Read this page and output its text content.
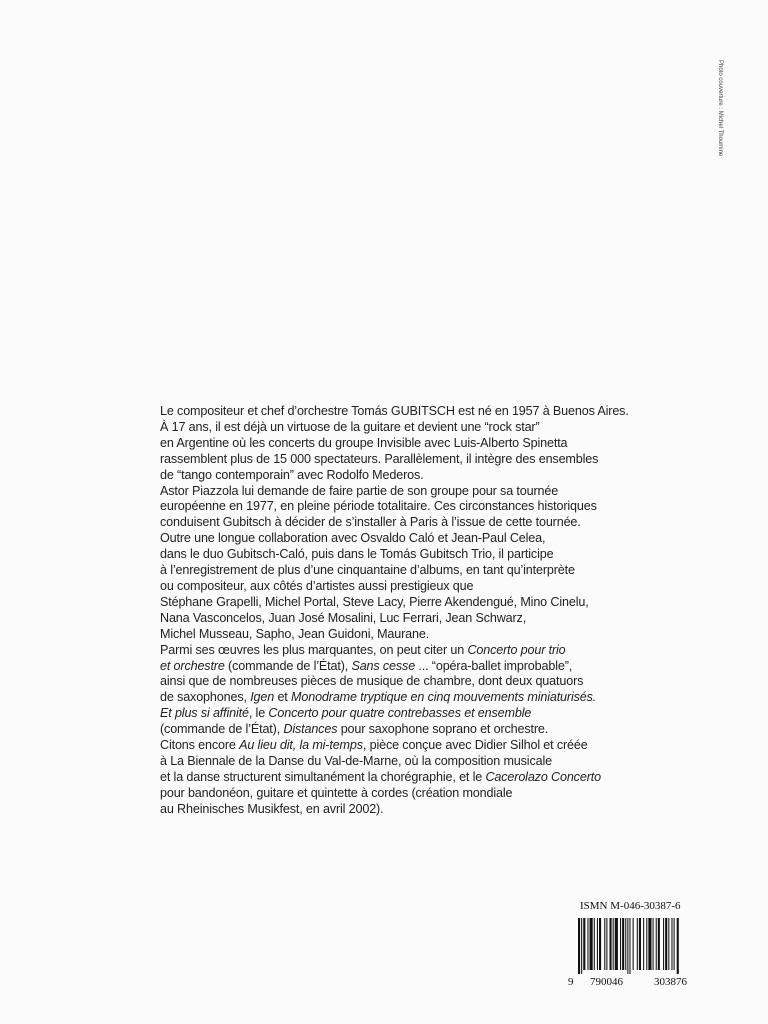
Photo couverture : Michel Thoumine
Le compositeur et chef d’orchestre Tomás GUBITSCH est né en 1957 à Buenos Aires.
À 17 ans, il est déjà un virtuose de la guitare et devient une “rock star”
en Argentine où les concerts du groupe Invisible avec Luis-Alberto Spinetta
rassemblent plus de 15 000 spectateurs. Parallèlement, il intègre des ensembles
de “tango contemporain” avec Rodolfo Mederos.
Astor Piazzola lui demande de faire partie de son groupe pour sa tournée
européenne en 1977, en pleine période totalitaire. Ces circonstances historiques
conduisent Gubitsch à décider de s’installer à Paris à l’issue de cette tournée.
Outre une longue collaboration avec Osvaldo Caló et Jean-Paul Celea,
dans le duo Gubitsch-Caló, puis dans le Tomás Gubitsch Trio, il participe
à l’enregistrement de plus d’une cinquantaine d’albums, en tant qu’interprète
ou compositeur, aux côtés d’artistes aussi prestigieux que
Stéphane Grapelli, Michel Portal, Steve Lacy, Pierre Akendengué, Mino Cinelu,
Nana Vasconcelos, Juan José Mosalini, Luc Ferrari, Jean Schwarz,
Michel Musseau, Sapho, Jean Guidoni, Maurane.
Parmi ses œuvres les plus marquantes, on peut citer un Concerto pour trio
et orchestre (commande de l’État), Sans cesse ... “opéra-ballet improbable”,
ainsi que de nombreuses pièces de musique de chambre, dont deux quatuors
de saxophones, Igen et Monodrame tryptique en cinq mouvements miniaturisés.
Et plus si affinité, le Concerto pour quatre contrebasses et ensemble
(commande de l’État), Distances pour saxophone soprano et orchestre.
Citons encore Au lieu dit, la mi-temps, pièce conçue avec Didier Silhol et créée
à La Biennale de la Danse du Val-de-Marne, où la composition musicale
et la danse structurent simultanément la chorégraphie, et le Cacerolazo Concerto
pour bandonéon, guitare et quintette à cordes (création mondiale
au Rheinisches Musikfest, en avril 2002).
ISMN M-046-30387-6
9 790046	303876
